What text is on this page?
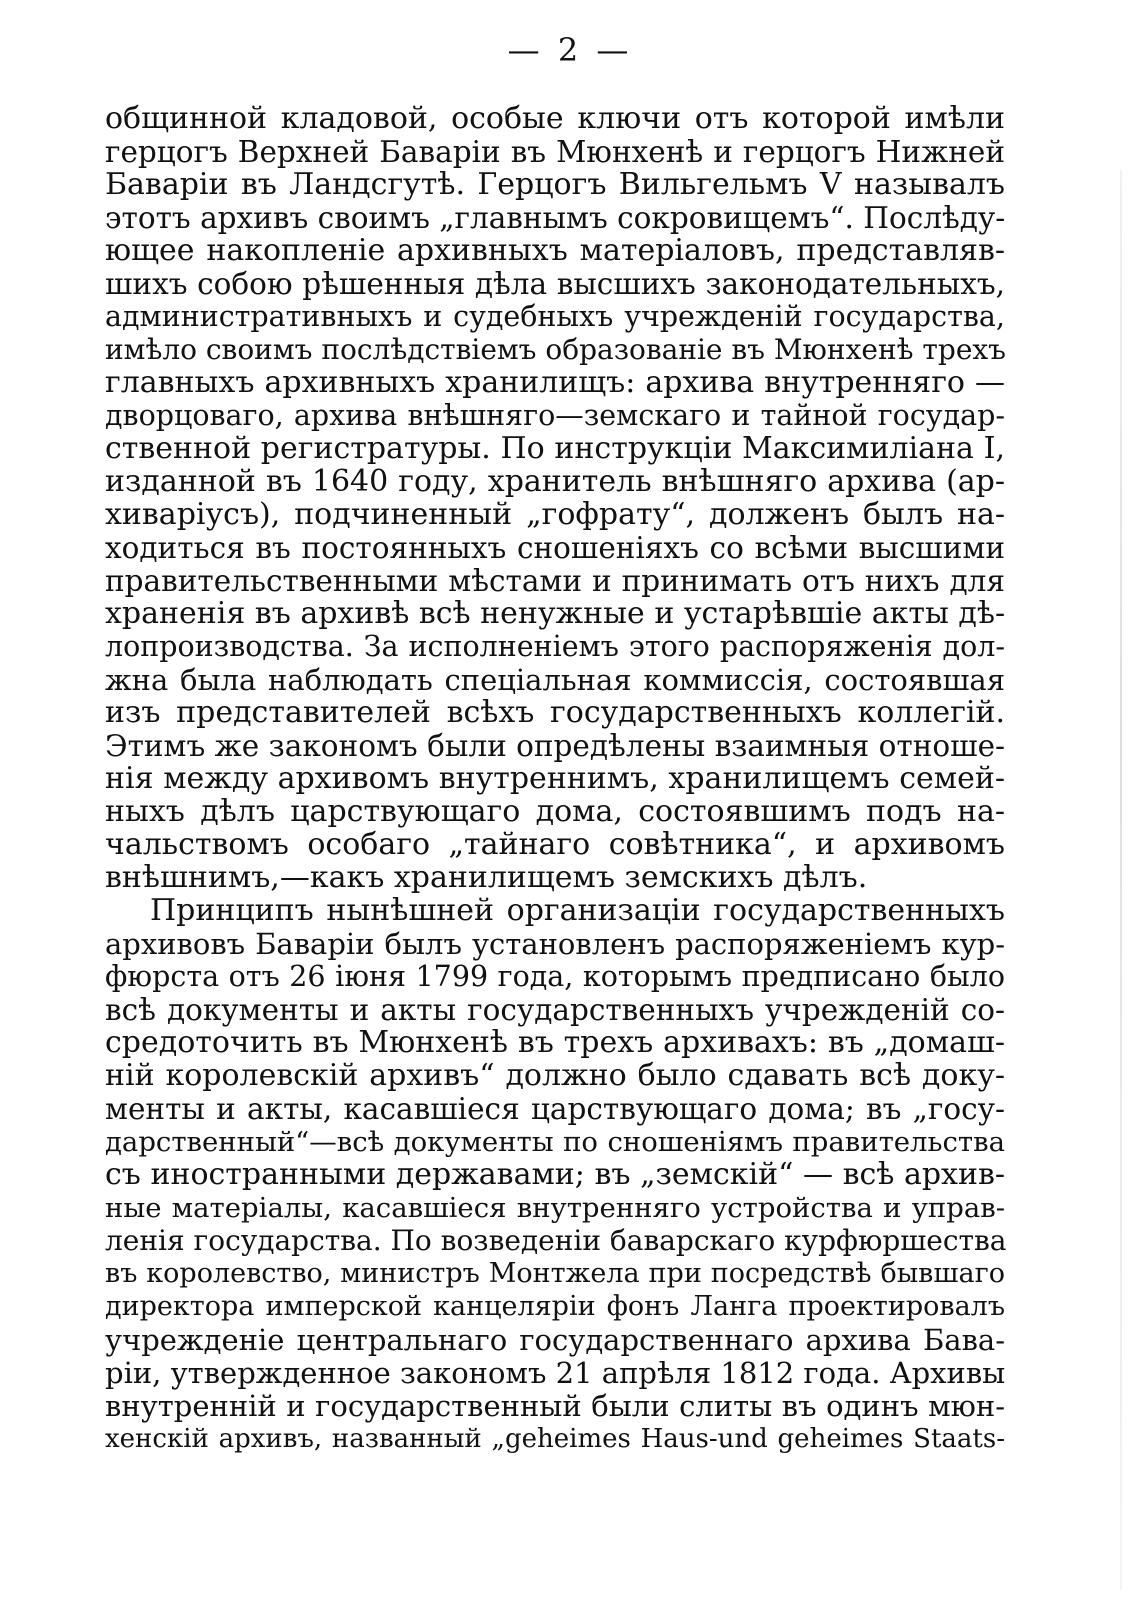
— 2 —
общинной кладовой, особые ключи отъ которой имѣли
герцогъ Верхней Баваріи въ Мюнхенѣ и герцогъ Нижней
Баваріи въ Ландсгутѣ. Герцогъ Вильгельмъ V называлъ
этотъ архивъ своимъ „главнымъ сокровищемъ“. Послѣду-
ющее накопленіе архивныхъ матеріаловъ, представляв-
шихъ собою рѣшенныя дѣла высшихъ законодательныхъ,
административныхъ и судебныхъ учрежденій государства,
имѣло своимъ послѣдствіемъ образованіе въ Мюнхенѣ трехъ
главныхъ архивныхъ хранилищъ: архива внутренняго —
дворцоваго, архива внѣшняго—земскаго и тайной государ-
ственной регистратуры. По инструкціи Максимиліана I,
изданной въ 1640 году, хранитель внѣшняго архива (ар-
хиваріусъ), подчиненный „гофрату“, долженъ былъ на-
ходиться въ постоянныхъ сношеніяхъ со всѣми высшими
правительственными мѣстами и принимать отъ нихъ для
храненія въ архивѣ всѣ ненужные и устарѣвшіе акты дѣ-
лопроизводства. За исполненіемъ этого распоряженія дол-
жна была наблюдать спеціальная коммиссія, состоявшая
изъ представителей всѣхъ государственныхъ коллегій.
Этимъ же закономъ были опредѣлены взаимныя отноше-
нія между архивомъ внутреннимъ, хранилищемъ семей-
ныхъ дѣлъ царствующаго дома, состоявшимъ подъ на-
чальствомъ особаго „тайнаго совѣтника“, и архивомъ
внѣшнимъ,—какъ хранилищемъ земскихъ дѣлъ.
Принципъ нынѣшней организаціи государственныхъ
архивовъ Баваріи былъ установленъ распоряженіемъ кур-
фюрста отъ 26 іюня 1799 года, которымъ предписано было
всѣ документы и акты государственныхъ учрежденій со-
средоточить въ Мюнхенѣ въ трехъ архивахъ: въ „домаш-
ній королевскій архивъ“ должно было сдавать всѣ доку-
менты и акты, касавшіеся царствующаго дома; въ „госу-
дарственный“—всѣ документы по сношеніямъ правительства
съ иностранными державами; въ „земскій“ — всѣ архив-
ные матеріалы, касавшіеся внутренняго устройства и управ-
ленія государства. По возведеніи баварскаго курфюршества
въ королевство, министръ Монтжела при посредствѣ бывшаго
директора имперской канцеляріи фонъ Ланга проектировалъ
учрежденіе центральнаго государственнаго архива Бава-
ріи, утвержденное закономъ 21 апрѣля 1812 года. Архивы
внутренній и государственный были слиты въ одинъ мюн-
хенскій архивъ, названный „geheimes Haus-und geheimes Staats-
